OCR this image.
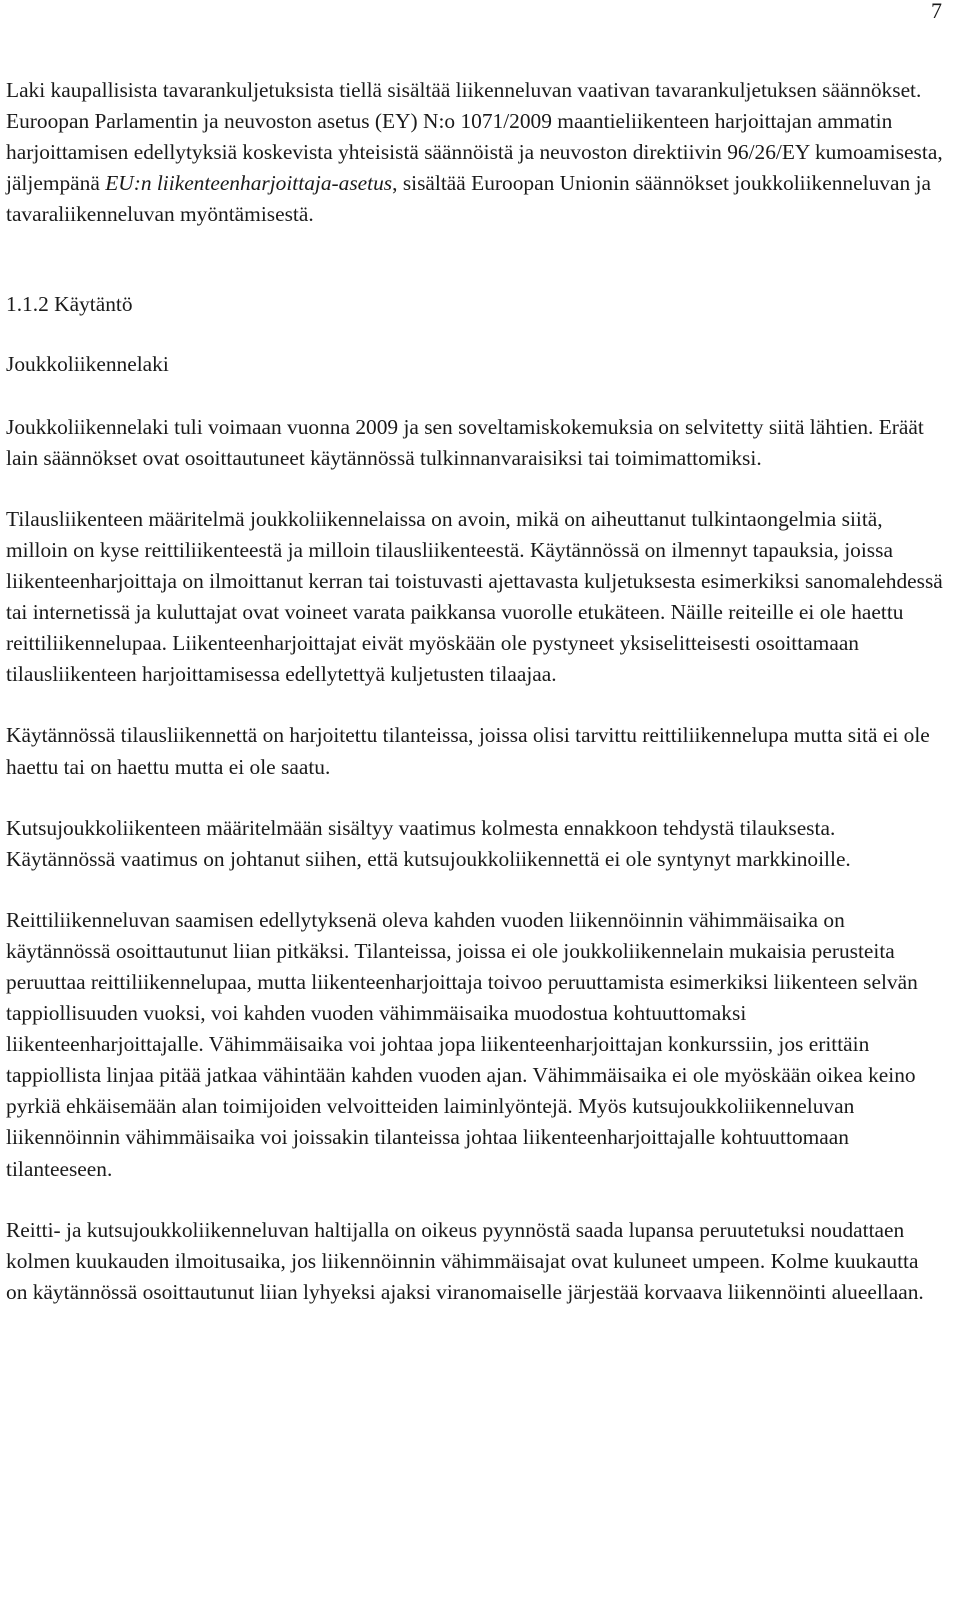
7

Laki kaupallisista tavarankuljetuksista tiellä sisältää liikenneluvan vaativan tavarankuljetuksen säännökset. Euroopan Parlamentin ja neuvoston asetus (EY) N:o 1071/2009 maantieliikenteen harjoittajan ammatin harjoittamisen edellytyksiä koskevista yhteisistä säännöistä ja neuvoston direktiivin 96/26/EY kumoamisesta, jäljempänä EU:n liikenteenharjoittaja-asetus, sisältää Euroopan Unionin säännökset joukkoliikenneluvan ja tavaraliikenneluvan myöntämisestä.

1.1.2 Käytäntö

Joukkoliikennelaki

Joukkoliikennelaki tuli voimaan vuonna 2009 ja sen soveltamiskokemuksia on selvitetty siitä lähtien. Eräät lain säännökset ovat osoittautuneet käytännössä tulkinnanvaraisiksi tai toimimattomiksi.

Tilausliikenteen määritelmä joukkoliikennelaissa on avoin, mikä on aiheuttanut tulkintaongelmia siitä, milloin on kyse reittiliikenteestä ja milloin tilausliikenteestä. Käytännössä on ilmennyt tapauksia, joissa liikenteenharjoittaja on ilmoittanut kerran tai toistuvasti ajettavasta kuljetuksesta esimerkiksi sanomalehdessä tai internetissä ja kuluttajat ovat voineet varata paikkansa vuorolle etukäteen. Näille reiteille ei ole haettu reittiliikennelupaa. Liikenteenharjoittajat eivät myöskään ole pystyneet yksiselitteisesti osoittamaan tilausliikenteen harjoittamisessa edellytettyä kuljetusten tilaajaa.

Käytännössä tilausliikennettä on harjoitettu tilanteissa, joissa olisi tarvittu reittiliikennelupa mutta sitä ei ole haettu tai on haettu mutta ei ole saatu.

Kutsujoukkoliikenteen määritelmään sisältyy vaatimus kolmesta ennakkoon tehdystä tilauksesta. Käytännössä vaatimus on johtanut siihen, että kutsujoukkoliikennettä ei ole syntynyt markkinoille.

Reittiliikenneluvan saamisen edellytyksenä oleva kahden vuoden liikennöinnin vähimmäisaika on käytännössä osoittautunut liian pitkäksi. Tilanteissa, joissa ei ole joukkoliikennelain mukaisia perusteita peruuttaa reittiliikennelupaa, mutta liikenteenharjoittaja toivoo peruuttamista esimerkiksi liikenteen selvän tappiollisuuden vuoksi, voi kahden vuoden vähimmäisaika muodostua kohtuuttomaksi liikenteenharjoittajalle. Vähimmäisaika voi johtaa jopa liikenteenharjoittajan konkurssiin, jos erittäin tappiollista linjaa pitää jatkaa vähintään kahden vuoden ajan. Vähimmäisaika ei ole myöskään oikea keino pyrkiä ehkäisemään alan toimijoiden velvoitteiden laiminlyöntejä. Myös kutsujoukkoliikenneluvan liikennöinnin vähimmäisaika voi joissakin tilanteissa johtaa liikenteenharjoittajalle kohtuuttomaan tilanteeseen.

Reitti- ja kutsujoukkoliikenneluvan haltijalla on oikeus pyynnöstä saada lupansa peruutetuksi noudattaen kolmen kuukauden ilmoitusaika, jos liikennöinnin vähimmäisajat ovat kuluneet umpeen. Kolme kuukautta on käytännössä osoittautunut liian lyhyeksi ajaksi viranomaiselle järjestää korvaava liikennöinti alueellaan.
